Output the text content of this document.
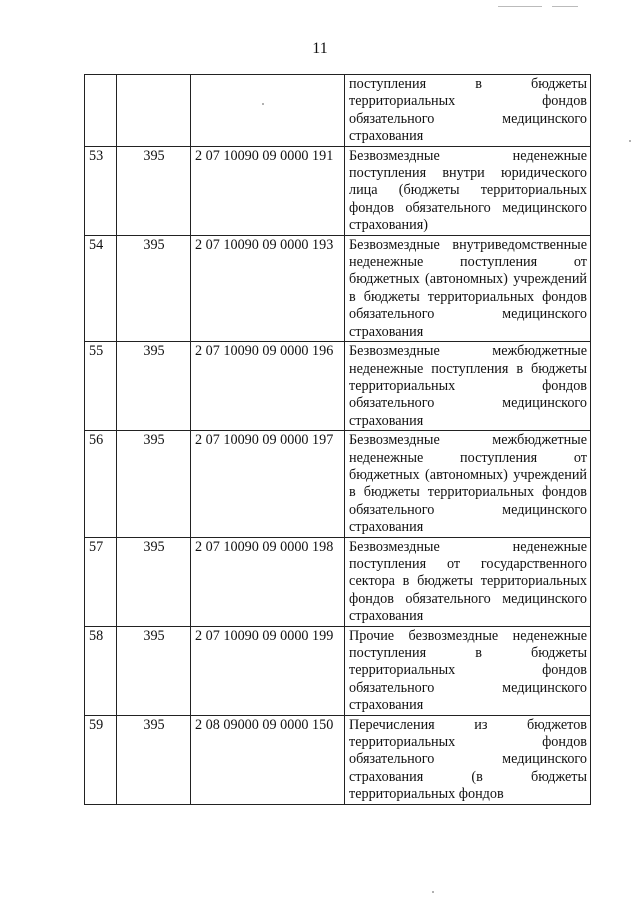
11
			поступления в бюджеты территориальных фондов обязательного медицинского страхования
53	395	2 07 10090 09 0000 191	Безвозмездные неденежные поступления внутри юридического лица (бюджеты территориальных фондов обязательного медицинского страхования)
54	395	2 07 10090 09 0000 193	Безвозмездные внутриведомственные неденежные поступления от бюджетных (автономных) учреждений в бюджеты территориальных фондов обязательного медицинского страхования
55	395	2 07 10090 09 0000 196	Безвозмездные межбюджетные неденежные поступления в бюджеты территориальных фондов обязательного медицинского страхования
56	395	2 07 10090 09 0000 197	Безвозмездные межбюджетные неденежные поступления от бюджетных (автономных) учреждений в бюджеты территориальных фондов обязательного медицинского страхования
57	395	2 07 10090 09 0000 198	Безвозмездные неденежные поступления от государственного сектора в бюджеты территориальных фондов обязательного медицинского страхования
58	395	2 07 10090 09 0000 199	Прочие безвозмездные неденежные поступления в бюджеты территориальных фондов обязательного медицинского страхования
59	395	2 08 09000 09 0000 150	Перечисления из бюджетов территориальных фондов обязательного медицинского страхования (в бюджеты территориальных фондов
